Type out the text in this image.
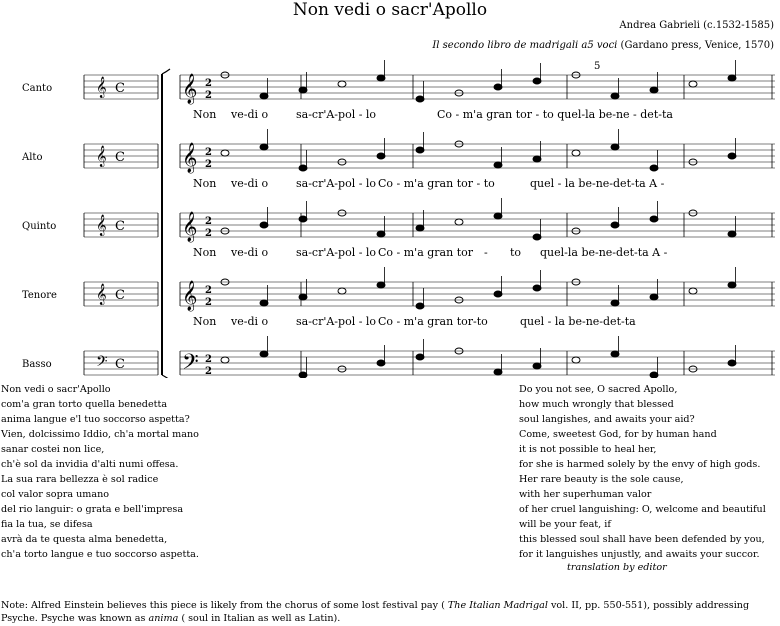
Non vedi o sacr'Apollo
Andrea Gabrieli (c.1532-1585)
Il secondo libro de madrigali a5 voci (Gardano press, Venice, 1570)
5
Canto 𝄞 C 𝄞 2
2
Non ve-di o	sa-cr'A-pol - lo	Co - m'a gran tor - to quel-la be-ne - det-ta
Alto	𝄞 C 𝄞 2
2
Non ve-di o	sa-cr'A-pol - lo Co - m'a gran tor - to	quel - la be-ne-det-ta A -
Quinto 𝄞 C 𝄞 2
2
Non ve-di o	sa-cr'A-pol - lo Co - m'a gran tor - to quel-la be-ne-det-ta A -
Tenore 𝄞 C 𝄞 2
2
Non ve-di o	sa-cr'A-pol - lo Co - m'a gran tor-to	quel - la be-ne-det-ta
Basso 𝄢 C 𝄢 2
2
Non vedi o sacr'Apollo
com'a gran torto quella benedetta
anima langue e'l tuo soccorso aspetta?
Vien, dolcissimo Iddio, ch'a mortal mano
sanar costei non lice,
ch'è sol da invidia d'alti numi offesa.
La sua rara bellezza è sol radice
col valor sopra umano
del rio languir: o grata e bell'impresa
fia la tua, se difesa
avrà da te questa alma benedetta,
ch'a torto langue e tuo soccorso aspetta.
Do you not see, O sacred Apollo,
how much wrongly that blessed
soul langishes, and awaits your aid?
Come, sweetest God, for by human hand
it is not possible to heal her,
for she is harmed solely by the envy of high gods.
Her rare beauty is the sole cause,
with her superhuman valor
of her cruel languishing: O, welcome and beautiful
will be your feat, if
this blessed soul shall have been defended by you,
for it languishes unjustly, and awaits your succor.
translation by editor
Note: Alfred Einstein believes this piece is likely from the chorus of some lost festival pay ( The Italian Madrigal vol. II, pp. 550-551), possibly addressing Psyche. Psyche was known as anima ( soul in Italian as well as Latin).
